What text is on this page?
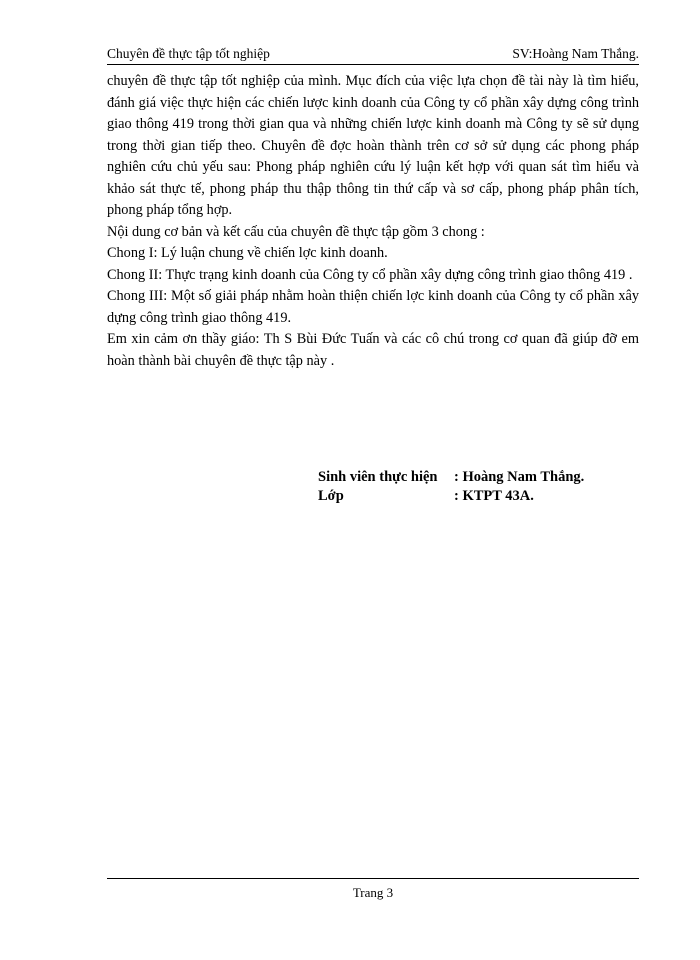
Chuyên đề thực tập tốt nghiệp	SV:Hoàng Nam Thắng.

chuyên đề thực tập tốt nghiệp của mình. Mục đích của việc lựa chọn đề tài này là tìm hiểu, đánh giá việc thực hiện các chiến lược kinh doanh của Công ty cổ phần xây dựng công trình giao thông 419 trong thời gian qua và những chiến lược kinh doanh mà Công ty sẽ sử dụng trong thời gian tiếp theo. Chuyên đề đợc hoàn thành trên cơ sở sử dụng các phong pháp nghiên cứu chủ yếu sau: Phong pháp nghiên cứu lý luận kết hợp với quan sát tìm hiểu và khảo sát thực tế, phong pháp thu thập thông tin thứ cấp và sơ cấp, phong pháp phân tích, phong pháp tổng hợp.

Nội dung cơ bản và kết cấu của chuyên đề thực tập gồm 3 chong :

Chong I: Lý luận chung về chiến lợc kinh doanh.

Chong II: Thực trạng kinh doanh của Công ty cổ phần xây dựng công trình giao thông 419 .

Chong III: Một số giải pháp nhằm hoàn thiện chiến lợc kinh doanh của Công ty cổ phần xây dựng công trình giao thông 419.

Em xin cảm ơn thầy giáo: Th S Bùi Đức Tuấn và các cô chú trong cơ quan đã giúp đỡ em hoàn thành bài chuyên đề thực tập này .

Sinh viên thực hiện : Hoàng Nam Thắng.
Lớp	: KTPT 43A.
Trang 3
